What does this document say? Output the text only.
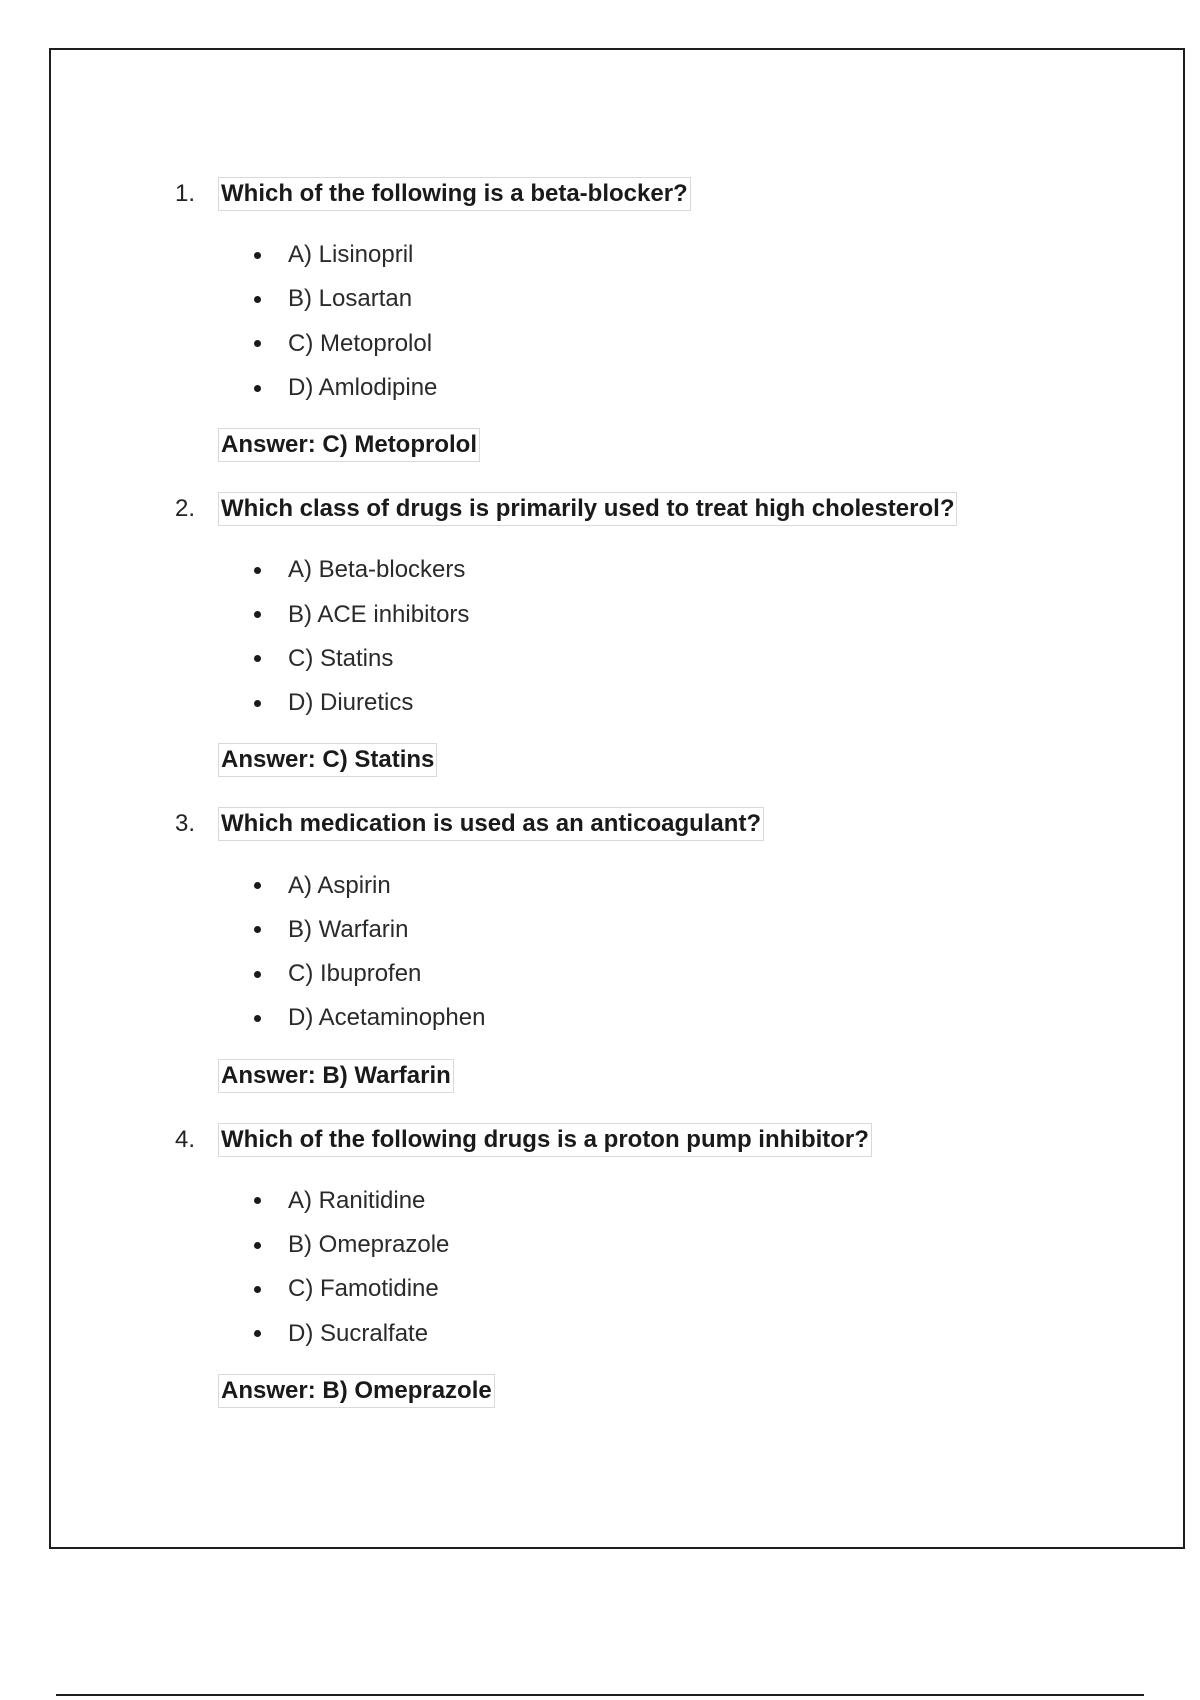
1.	Which of the following is a beta-blocker?
A) Lisinopril
B) Losartan
C) Metoprolol
D) Amlodipine
Answer: C) Metoprolol
2.	Which class of drugs is primarily used to treat high cholesterol?
A) Beta-blockers
B) ACE inhibitors
C) Statins
D) Diuretics
Answer: C) Statins
3.	Which medication is used as an anticoagulant?
A) Aspirin
B) Warfarin
C) Ibuprofen
D) Acetaminophen
Answer: B) Warfarin
4.	Which of the following drugs is a proton pump inhibitor?
A) Ranitidine
B) Omeprazole
C) Famotidine
D) Sucralfate
Answer: B) Omeprazole
